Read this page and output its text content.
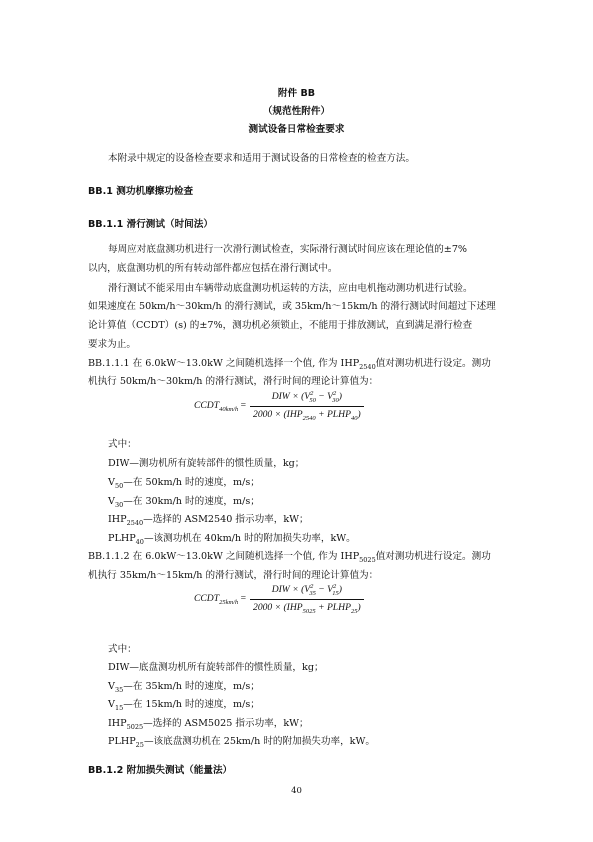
附件 BB
（规范性附件）
测试设备日常检查要求
本附录中规定的设备检查要求和适用于测试设备的日常检查的检查方法。
BB.1 测功机摩擦功检查
BB.1.1 滑行测试（时间法）
每周应对底盘测功机进行一次滑行测试检查，实际滑行测试时间应该在理论值的±7%
以内，底盘测功机的所有转动部件都应包括在滑行测试中。
滑行测试不能采用由车辆带动底盘测功机运转的方法，应由电机拖动测功机进行试验。
如果速度在 50km/h～30km/h 的滑行测试，或 35km/h～15km/h 的滑行测试时间超过下述理
论计算值（CCDT）(s) 的±7%，测功机必须锁止，不能用于排放测试，直到满足滑行检查
要求为止。
BB.1.1.1 在 6.0kW～13.0kW 之间随机选择一个值, 作为 $IHP_{2540}$值对测功机进行设定。测功
机执行 50km/h～30km/h 的滑行测试，滑行时间的理论计算值为：
$CCDT_{40km/h}$ =
DIW × $(V^2_{50} - V^2_{30})$
$2000 \times (IHP_{2540}$ + $PLHP_{40}$)
式中：
DIW—测功机所有旋转部件的惯性质量，kg；
$V_{50}—$在 50km/h 时的速度，m/s；
$V_{30}—$在 30km/h 时的速度，m/s；
$IHP_{2540}—$选择的 ASM2540 指示功率，kW；
$PLHP_{40}—$该测功机在 40km/h 时的附加损失功率，kW。
BB.1.1.2 在 6.0kW～13.0kW 之间随机选择一个值, 作为 $IHP_{5025}$值对测功机进行设定。测功
机执行 35km/h～15km/h 的滑行测试，滑行时间的理论计算值为：
$CCDT_{25km/h}$ =
DIW × $(V^2_{35} - V^2_{15})$
$2000 \times (IHP_{5025}$ + $PLHP_{25}$)
式中：
DIW—底盘测功机所有旋转部件的惯性质量，kg；
$V_{35}—$在 35km/h 时的速度，m/s；
$V_{15}—$在 15km/h 时的速度，m/s；
$IHP_{5025}—$选择的 ASM5025 指示功率，kW；
$PLHP_{25}—$该底盘测功机在 25km/h 时的附加损失功率，kW。
BB.1.2 附加损失测试（能量法）
40
